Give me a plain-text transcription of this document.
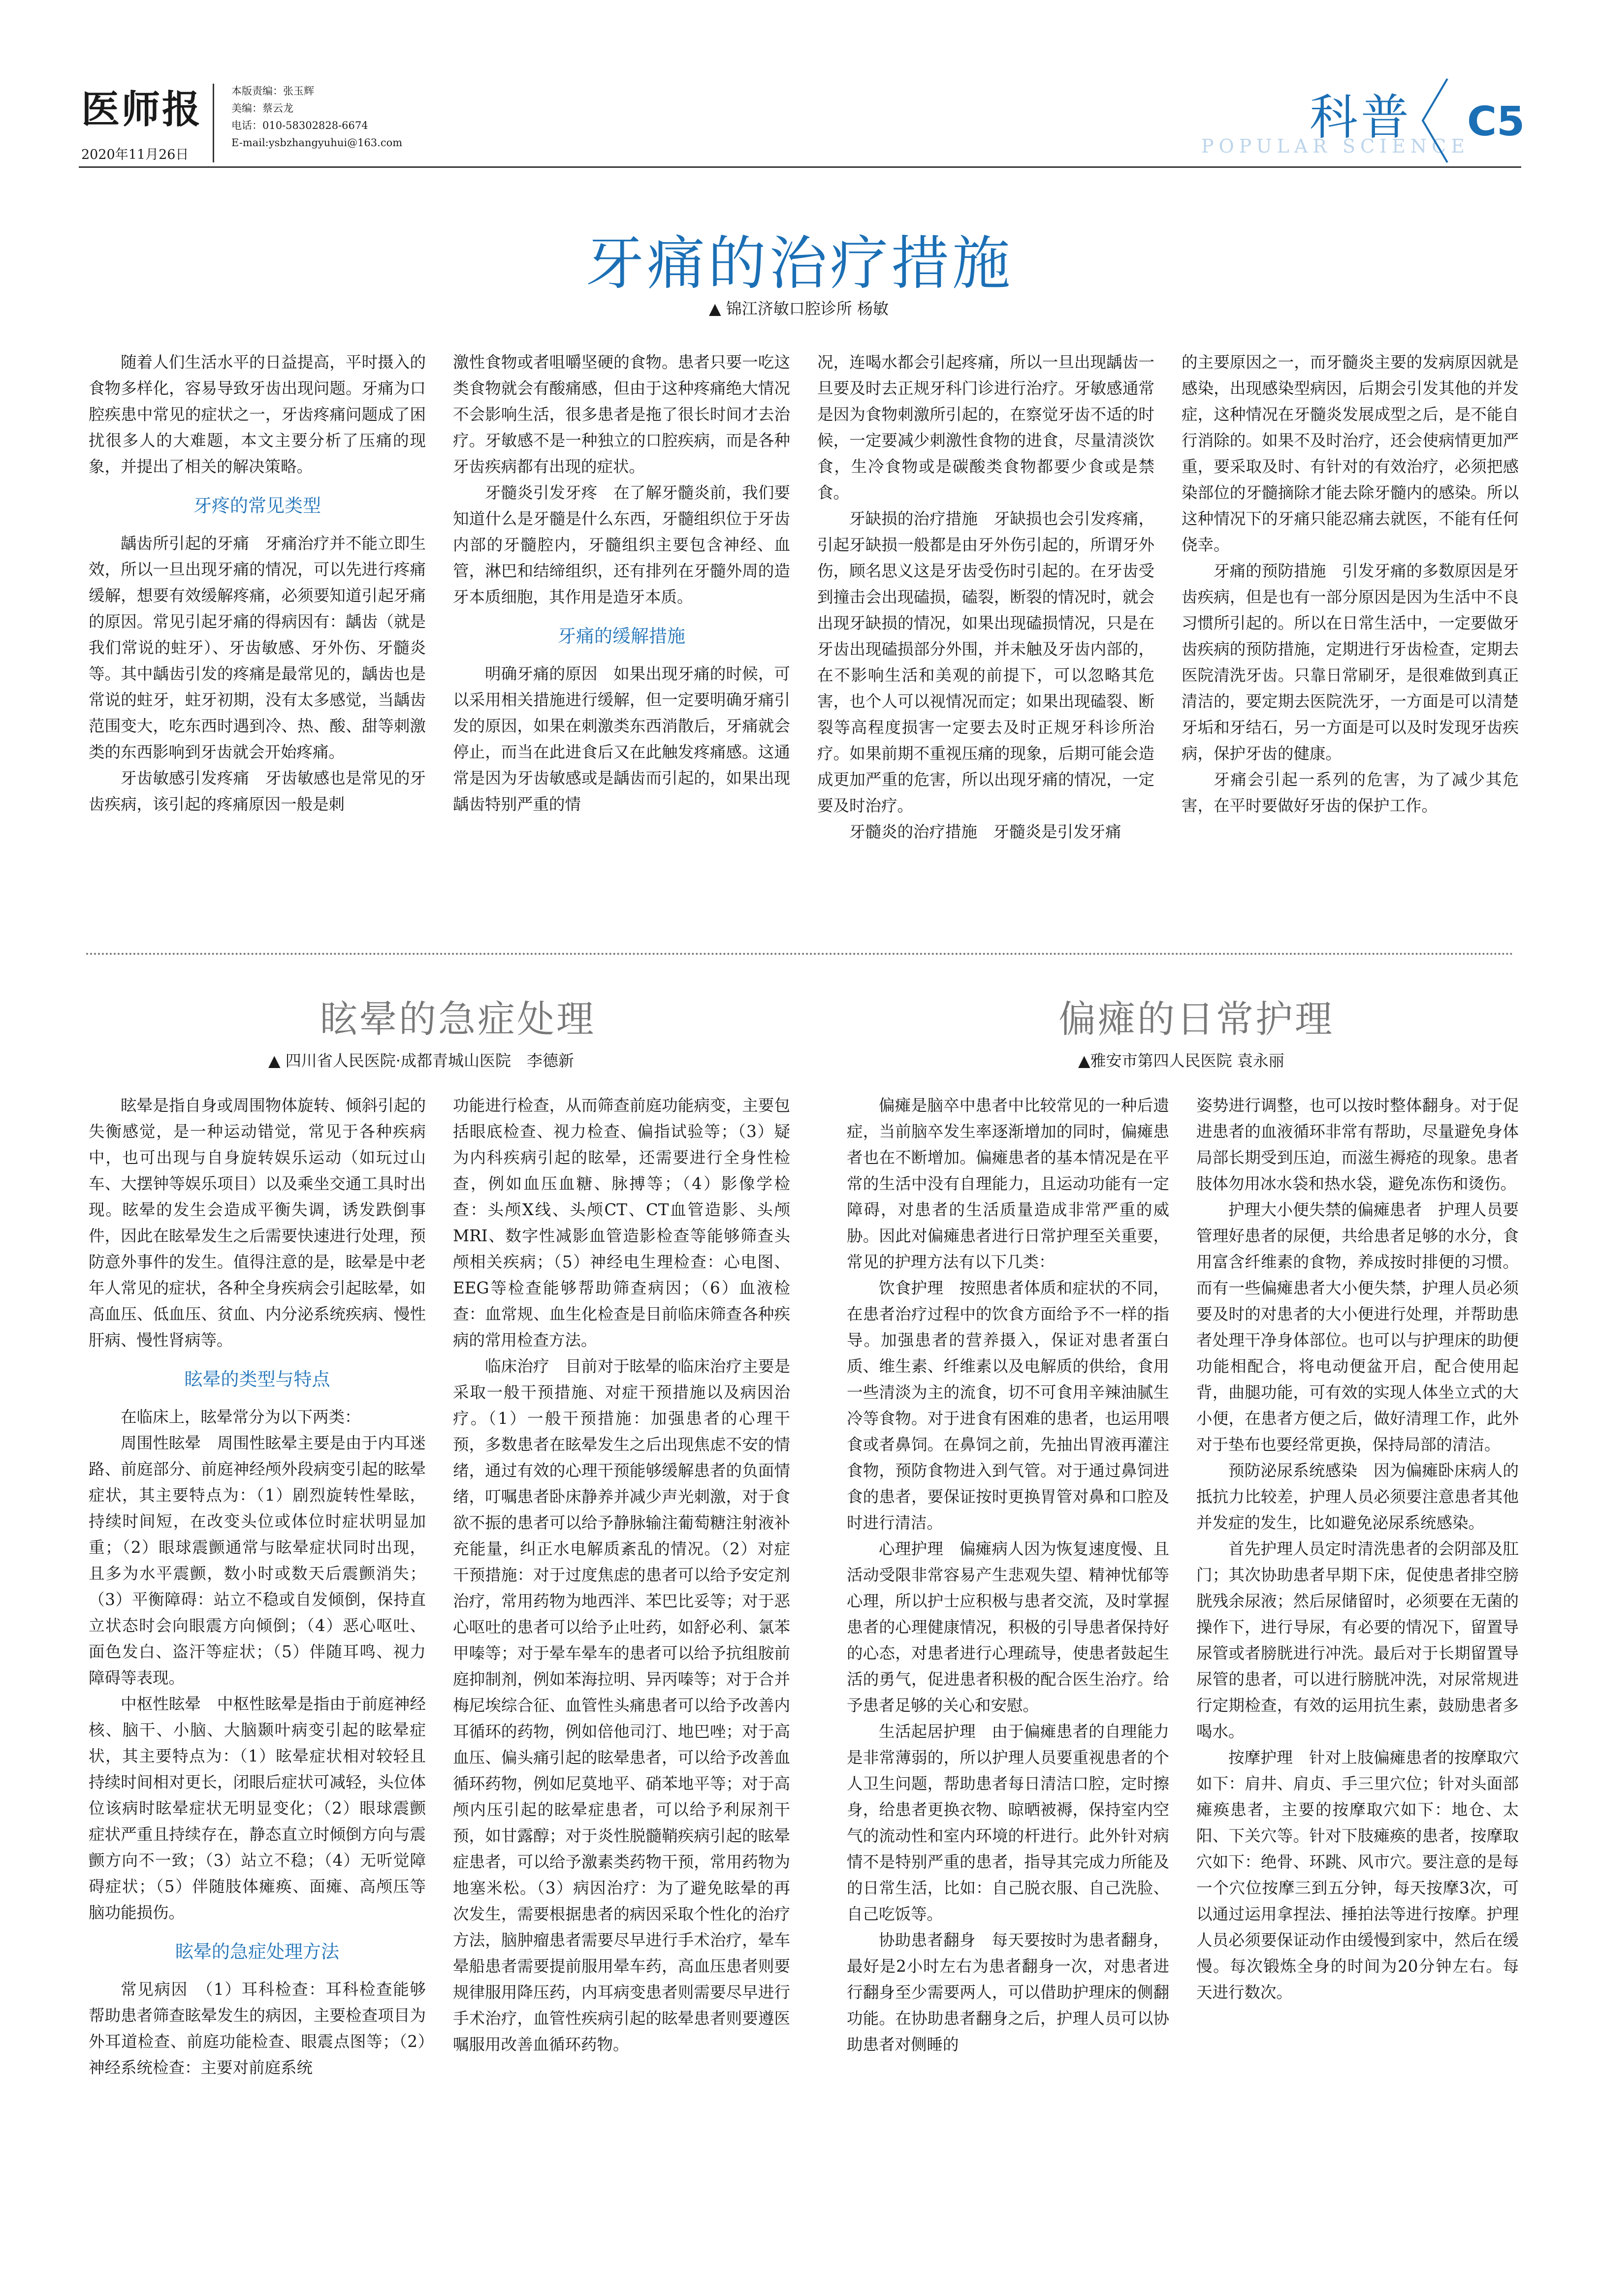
医师报
2020年11月26日
本版责编：张玉辉
美编：蔡云龙
电话：010-58302828-6674
E-mail:ysbzhangyuhui@163.com	POPULAR SCIENCE
科普 C5
牙痛的治疗措施
▲ 锦江济敏口腔诊所 杨敏

随着人们生活水平的日益提高，平时摄入的食物多样化，容易导致牙齿出现问题。牙痛为口腔疾患中常见的症状之一，牙齿疼痛问题成了困扰很多人的大难题，本文主要分析了压痛的现象，并提出了相关的解决策略。

牙疼的常见类型

龋齿所引起的牙痛　牙痛治疗并不能立即生效，所以一旦出现牙痛的情况，可以先进行疼痛缓解，想要有效缓解疼痛，必须要知道引起牙痛的原因。常见引起牙痛的得病因有：龋齿（就是我们常说的蛀牙）、牙齿敏感、牙外伤、牙髓炎等。其中龋齿引发的疼痛是最常见的，龋齿也是常说的蛀牙，蛀牙初期，没有太多感觉，当龋齿范围变大，吃东西时遇到冷、热、酸、甜等刺激类的东西影响到牙齿就会开始疼痛。

牙齿敏感引发疼痛　牙齿敏感也是常见的牙齿疾病，该引起的疼痛原因一般是刺

激性食物或者咀嚼坚硬的食物。患者只要一吃这类食物就会有酸痛感，但由于这种疼痛绝大情况不会影响生活，很多患者是拖了很长时间才去治疗。牙敏感不是一种独立的口腔疾病，而是各种牙齿疾病都有出现的症状。

牙髓炎引发牙疼　在了解牙髓炎前，我们要知道什么是牙髓是什么东西，牙髓组织位于牙齿内部的牙髓腔内，牙髓组织主要包含神经、血管，淋巴和结缔组织，还有排列在牙髓外周的造牙本质细胞，其作用是造牙本质。

牙痛的缓解措施

明确牙痛的原因　如果出现牙痛的时候，可以采用相关措施进行缓解，但一定要明确牙痛引发的原因，如果在刺激类东西消散后，牙痛就会停止，而当在此进食后又在此触发疼痛感。这通常是因为牙齿敏感或是龋齿而引起的，如果出现龋齿特别严重的情

况，连喝水都会引起疼痛，所以一旦出现龋齿一旦要及时去正规牙科门诊进行治疗。牙敏感通常是因为食物刺激所引起的，在察觉牙齿不适的时候，一定要减少刺激性食物的进食，尽量清淡饮食，生冷食物或是碳酸类食物都要少食或是禁食。

牙缺损的治疗措施　牙缺损也会引发疼痛，引起牙缺损一般都是由牙外伤引起的，所谓牙外伤，顾名思义这是牙齿受伤时引起的。在牙齿受到撞击会出现磕损，磕裂，断裂的情况时，就会出现牙缺损的情况，如果出现磕损情况，只是在牙齿出现磕损部分外围，并未触及牙齿内部的，在不影响生活和美观的前提下，可以忽略其危害，也个人可以视情况而定；如果出现磕裂、断裂等高程度损害一定要去及时正规牙科诊所治疗。如果前期不重视压痛的现象，后期可能会造成更加严重的危害，所以出现牙痛的情况，一定要及时治疗。

牙髓炎的治疗措施　牙髓炎是引发牙痛

的主要原因之一，而牙髓炎主要的发病原因就是感染，出现感染型病因，后期会引发其他的并发症，这种情况在牙髓炎发展成型之后，是不能自行消除的。如果不及时治疗，还会使病情更加严重，要采取及时、有针对的有效治疗，必须把感染部位的牙髓摘除才能去除牙髓内的感染。所以这种情况下的牙痛只能忍痛去就医，不能有任何侥幸。

牙痛的预防措施　引发牙痛的多数原因是牙齿疾病，但是也有一部分原因是因为生活中不良习惯所引起的。所以在日常生活中，一定要做牙齿疾病的预防措施，定期进行牙齿检查，定期去医院清洗牙齿。只靠日常刷牙，是很难做到真正清洁的，要定期去医院洗牙，一方面是可以清楚牙垢和牙结石，另一方面是可以及时发现牙齿疾病，保护牙齿的健康。

牙痛会引起一系列的危害，为了减少其危害，在平时要做好牙齿的保护工作。

眩晕的急症处理
▲ 四川省人民医院·成都青城山医院　李德新

眩晕是指自身或周围物体旋转、倾斜引起的失衡感觉，是一种运动错觉，常见于各种疾病中，也可出现与自身旋转娱乐运动（如玩过山车、大摆钟等娱乐项目）以及乘坐交通工具时出现。眩晕的发生会造成平衡失调，诱发跌倒事件，因此在眩晕发生之后需要快速进行处理，预防意外事件的发生。值得注意的是，眩晕是中老年人常见的症状，各种全身疾病会引起眩晕，如高血压、低血压、贫血、内分泌系统疾病、慢性肝病、慢性肾病等。

眩晕的类型与特点

在临床上，眩晕常分为以下两类：

周围性眩晕　周围性眩晕主要是由于内耳迷路、前庭部分、前庭神经颅外段病变引起的眩晕症状，其主要特点为：（1）剧烈旋转性晕眩，持续时间短，在改变头位或体位时症状明显加重；（2）眼球震颤通常与眩晕症状同时出现，且多为水平震颤，数小时或数天后震颤消失；（3）平衡障碍：站立不稳或自发倾倒，保持直立状态时会向眼震方向倾倒；（4）恶心呕吐、面色发白、盗汗等症状；（5）伴随耳鸣、视力障碍等表现。

中枢性眩晕　中枢性眩晕是指由于前庭神经核、脑干、小脑、大脑颞叶病变引起的眩晕症状，其主要特点为：（1）眩晕症状相对较轻且持续时间相对更长，闭眼后症状可减轻，头位体位该病时眩晕症状无明显变化；（2）眼球震颤症状严重且持续存在，静态直立时倾倒方向与震颤方向不一致；（3）站立不稳；（4）无听觉障碍症状；（5）伴随肢体瘫痪、面瘫、高颅压等脑功能损伤。

眩晕的急症处理方法

常见病因　（1）耳科检查：耳科检查能够帮助患者筛查眩晕发生的病因，主要检查项目为外耳道检查、前庭功能检查、眼震点图等；（2）神经系统检查：主要对前庭系统

功能进行检查，从而筛查前庭功能病变，主要包括眼底检查、视力检查、偏指试验等；（3）疑为内科疾病引起的眩晕，还需要进行全身性检查，例如血压血糖、脉搏等；（4）影像学检查：头颅X线、头颅CT、CT血管造影、头颅MRI、数字性减影血管造影检查等能够筛查头颅相关疾病；（5）神经电生理检查：心电图、EEG等检查能够帮助筛查病因；（6）血液检查：血常规、血生化检查是目前临床筛查各种疾病的常用检查方法。

临床治疗　目前对于眩晕的临床治疗主要是采取一般干预措施、对症干预措施以及病因治疗。（1）一般干预措施：加强患者的心理干预，多数患者在眩晕发生之后出现焦虑不安的情绪，通过有效的心理干预能够缓解患者的负面情绪，叮嘱患者卧床静养并减少声光刺激，对于食欲不振的患者可以给予静脉输注葡萄糖注射液补充能量，纠正水电解质紊乱的情况。（2）对症干预措施：对于过度焦虑的患者可以给予安定剂治疗，常用药物为地西泮、苯巴比妥等；对于恶心呕吐的患者可以给予止吐药，如舒必利、氯苯甲嗪等；对于晕车晕车的患者可以给予抗组胺前庭抑制剂，例如苯海拉明、异丙嗪等；对于合并梅尼埃综合征、血管性头痛患者可以给予改善内耳循环的药物，例如倍他司汀、地巴唑；对于高血压、偏头痛引起的眩晕患者，可以给予改善血循环药物，例如尼莫地平、硝苯地平等；对于高颅内压引起的眩晕症患者，可以给予利尿剂干预，如甘露醇；对于炎性脱髓鞘疾病引起的眩晕症患者，可以给予激素类药物干预，常用药物为地塞米松。（3）病因治疗：为了避免眩晕的再次发生，需要根据患者的病因采取个性化的治疗方法，脑肿瘤患者需要尽早进行手术治疗，晕车晕船患者需要提前服用晕车药，高血压患者则要规律服用降压药，内耳病变患者则需要尽早进行手术治疗，血管性疾病引起的眩晕患者则要遵医嘱服用改善血循环药物。

偏瘫的日常护理
▲雅安市第四人民医院 袁永丽

偏瘫是脑卒中患者中比较常见的一种后遗症，当前脑卒发生率逐渐增加的同时，偏瘫患者也在不断增加。偏瘫患者的基本情况是在平常的生活中没有自理能力，且运动功能有一定障碍，对患者的生活质量造成非常严重的威胁。因此对偏瘫患者进行日常护理至关重要，常见的护理方法有以下几类：

饮食护理　按照患者体质和症状的不同，在患者治疗过程中的饮食方面给予不一样的指导。加强患者的营养摄入，保证对患者蛋白质、维生素、纤维素以及电解质的供给，食用一些清淡为主的流食，切不可食用辛辣油腻生冷等食物。对于进食有困难的患者，也运用喂食或者鼻饲。在鼻饲之前，先抽出胃液再灌注食物，预防食物进入到气管。对于通过鼻饲进食的患者，要保证按时更换胃管对鼻和口腔及时进行清洁。

心理护理　偏瘫病人因为恢复速度慢、且活动受限非常容易产生悲观失望、精神忧郁等心理，所以护士应积极与患者交流，及时掌握患者的心理健康情况，积极的引导患者保持好的心态，对患者进行心理疏导，使患者鼓起生活的勇气，促进患者积极的配合医生治疗。给予患者足够的关心和安慰。

生活起居护理　由于偏瘫患者的自理能力是非常薄弱的，所以护理人员要重视患者的个人卫生问题，帮助患者每日清洁口腔，定时擦身，给患者更换衣物、晾晒被褥，保持室内空气的流动性和室内环境的杆进行。此外针对病情不是特别严重的患者，指导其完成力所能及的日常生活，比如：自己脱衣服、自己洗脸、自己吃饭等。

协助患者翻身　每天要按时为患者翻身，最好是2小时左右为患者翻身一次，对患者进行翻身至少需要两人，可以借助护理床的侧翻功能。在协助患者翻身之后，护理人员可以协助患者对侧睡的

姿势进行调整，也可以按时整体翻身。对于促进患者的血液循环非常有帮助，尽量避免身体局部长期受到压迫，而滋生褥疮的现象。患者肢体勿用冰水袋和热水袋，避免冻伤和烫伤。

护理大小便失禁的偏瘫患者　护理人员要管理好患者的尿便，共给患者足够的水分，食用富含纤维素的食物，养成按时排便的习惯。而有一些偏瘫患者大小便失禁，护理人员必须要及时的对患者的大小便进行处理，并帮助患者处理干净身体部位。也可以与护理床的助便功能相配合，将电动便盆开启，配合使用起背，曲腿功能，可有效的实现人体坐立式的大小便，在患者方便之后，做好清理工作，此外对于垫布也要经常更换，保持局部的清洁。

预防泌尿系统感染　因为偏瘫卧床病人的抵抗力比较差，护理人员必须要注意患者其他并发症的发生，比如避免泌尿系统感染。

首先护理人员定时清洗患者的会阴部及肛门；其次协助患者早期下床，促使患者排空膀胱残余尿液；然后尿储留时，必须要在无菌的操作下，进行导尿，有必要的情况下，留置导尿管或者膀胱进行冲洗。最后对于长期留置导尿管的患者，可以进行膀胱冲洗，对尿常规进行定期检查，有效的运用抗生素，鼓励患者多喝水。

按摩护理　针对上肢偏瘫患者的按摩取穴如下：肩井、肩贞、手三里穴位；针对头面部瘫痪患者，主要的按摩取穴如下：地仓、太阳、下关穴等。针对下肢瘫痪的患者，按摩取穴如下：绝骨、环跳、风市穴。要注意的是每一个穴位按摩三到五分钟，每天按摩3次，可以通过运用拿捏法、捶拍法等进行按摩。护理人员必须要保证动作由缓慢到家中，然后在缓慢。每次锻炼全身的时间为20分钟左右。每天进行数次。
